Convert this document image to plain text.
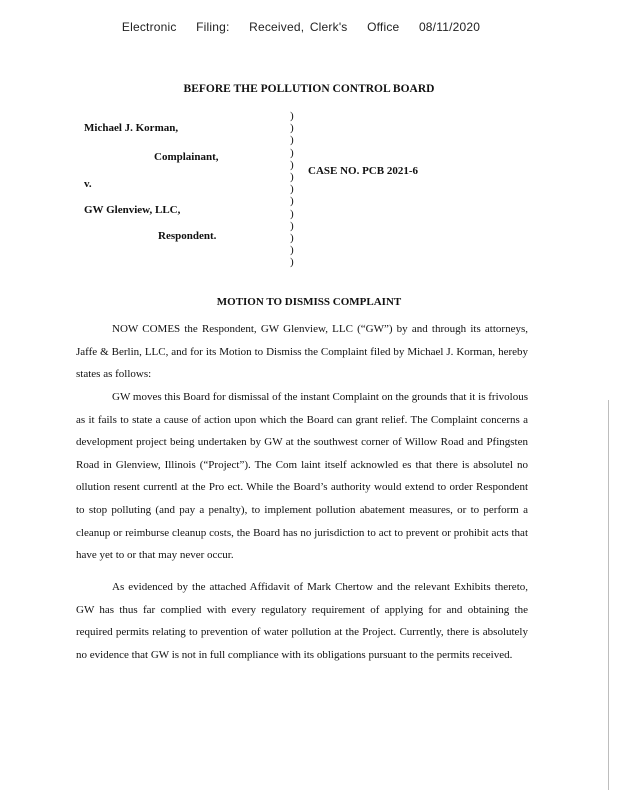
Electronic Filing: Received, Clerk's Office 08/11/2020
BEFORE THE POLLUTION CONTROL BOARD
Michael J. Korman,
Complainant,
v.
GW Glenview, LLC,
Respondent.
CASE NO. PCB 2021-6
)
)
)
)
)
)
)
)
)
)
)
)
)
MOTION TO DISMISS COMPLAINT
NOW COMES the Respondent, GW Glenview, LLC (“GW”) by and through its attorneys, Jaffe & Berlin, LLC, and for its Motion to Dismiss the Complaint filed by Michael J. Korman, hereby states as follows:
GW moves this Board for dismissal of the instant Complaint on the grounds that it is frivolous as it fails to state a cause of action upon which the Board can grant relief. The Complaint concerns a development project being undertaken by GW at the southwest corner of Willow Road and Pfingsten Road in Glenview, Illinois (“Project”). The Com laint itself acknowled es that there is absolutel no ollution resent currentl at the Pro ect. While the Board’s authority would extend to order Respondent to stop polluting (and pay a penalty), to implement pollution abatement measures, or to perform a cleanup or reimburse cleanup costs, the Board has no jurisdiction to act to prevent or prohibit acts that have yet to or that may never occur.
As evidenced by the attached Affidavit of Mark Chertow and the relevant Exhibits thereto, GW has thus far complied with every regulatory requirement of applying for and obtaining the required permits relating to prevention of water pollution at the Project. Currently, there is absolutely no evidence that GW is not in full compliance with its obligations pursuant to the permits received.
